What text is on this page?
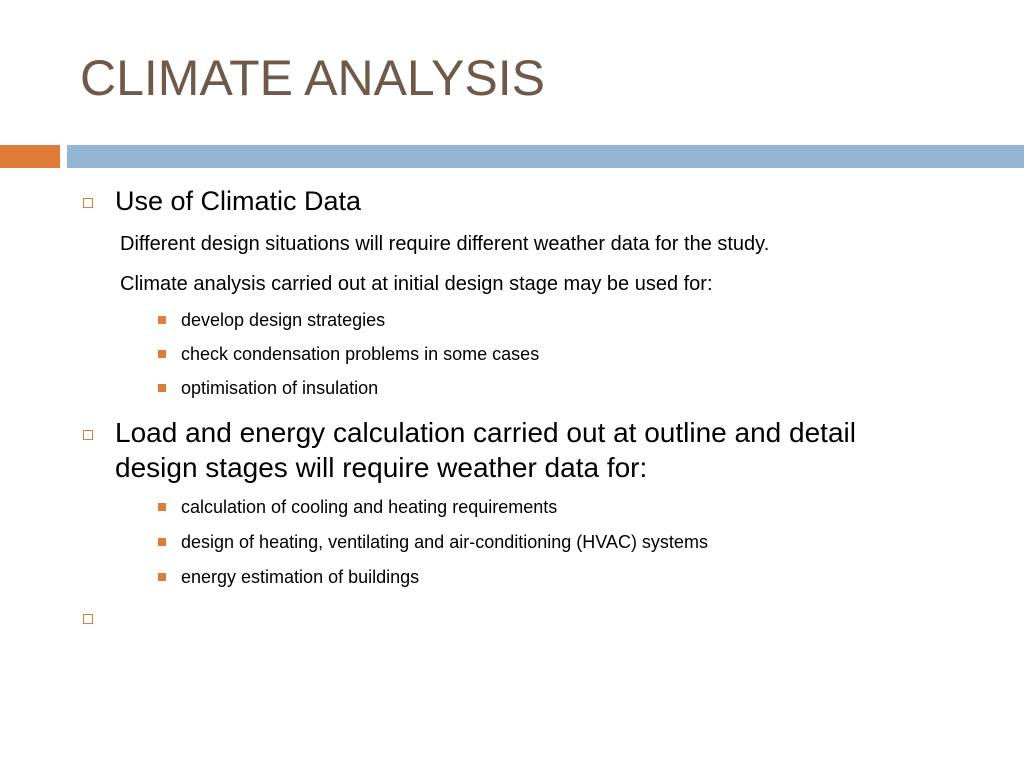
CLIMATE ANALYSIS
Use of Climatic Data
Different design situations will require different weather data for the study.
Climate analysis carried out at initial design stage may be used for:
develop design strategies
check condensation problems in some cases
optimisation of insulation
Load and energy calculation carried out at outline and detail
design stages will require weather data for:
calculation of cooling and heating requirements
design of heating, ventilating and air-conditioning (HVAC) systems
energy estimation of buildings
